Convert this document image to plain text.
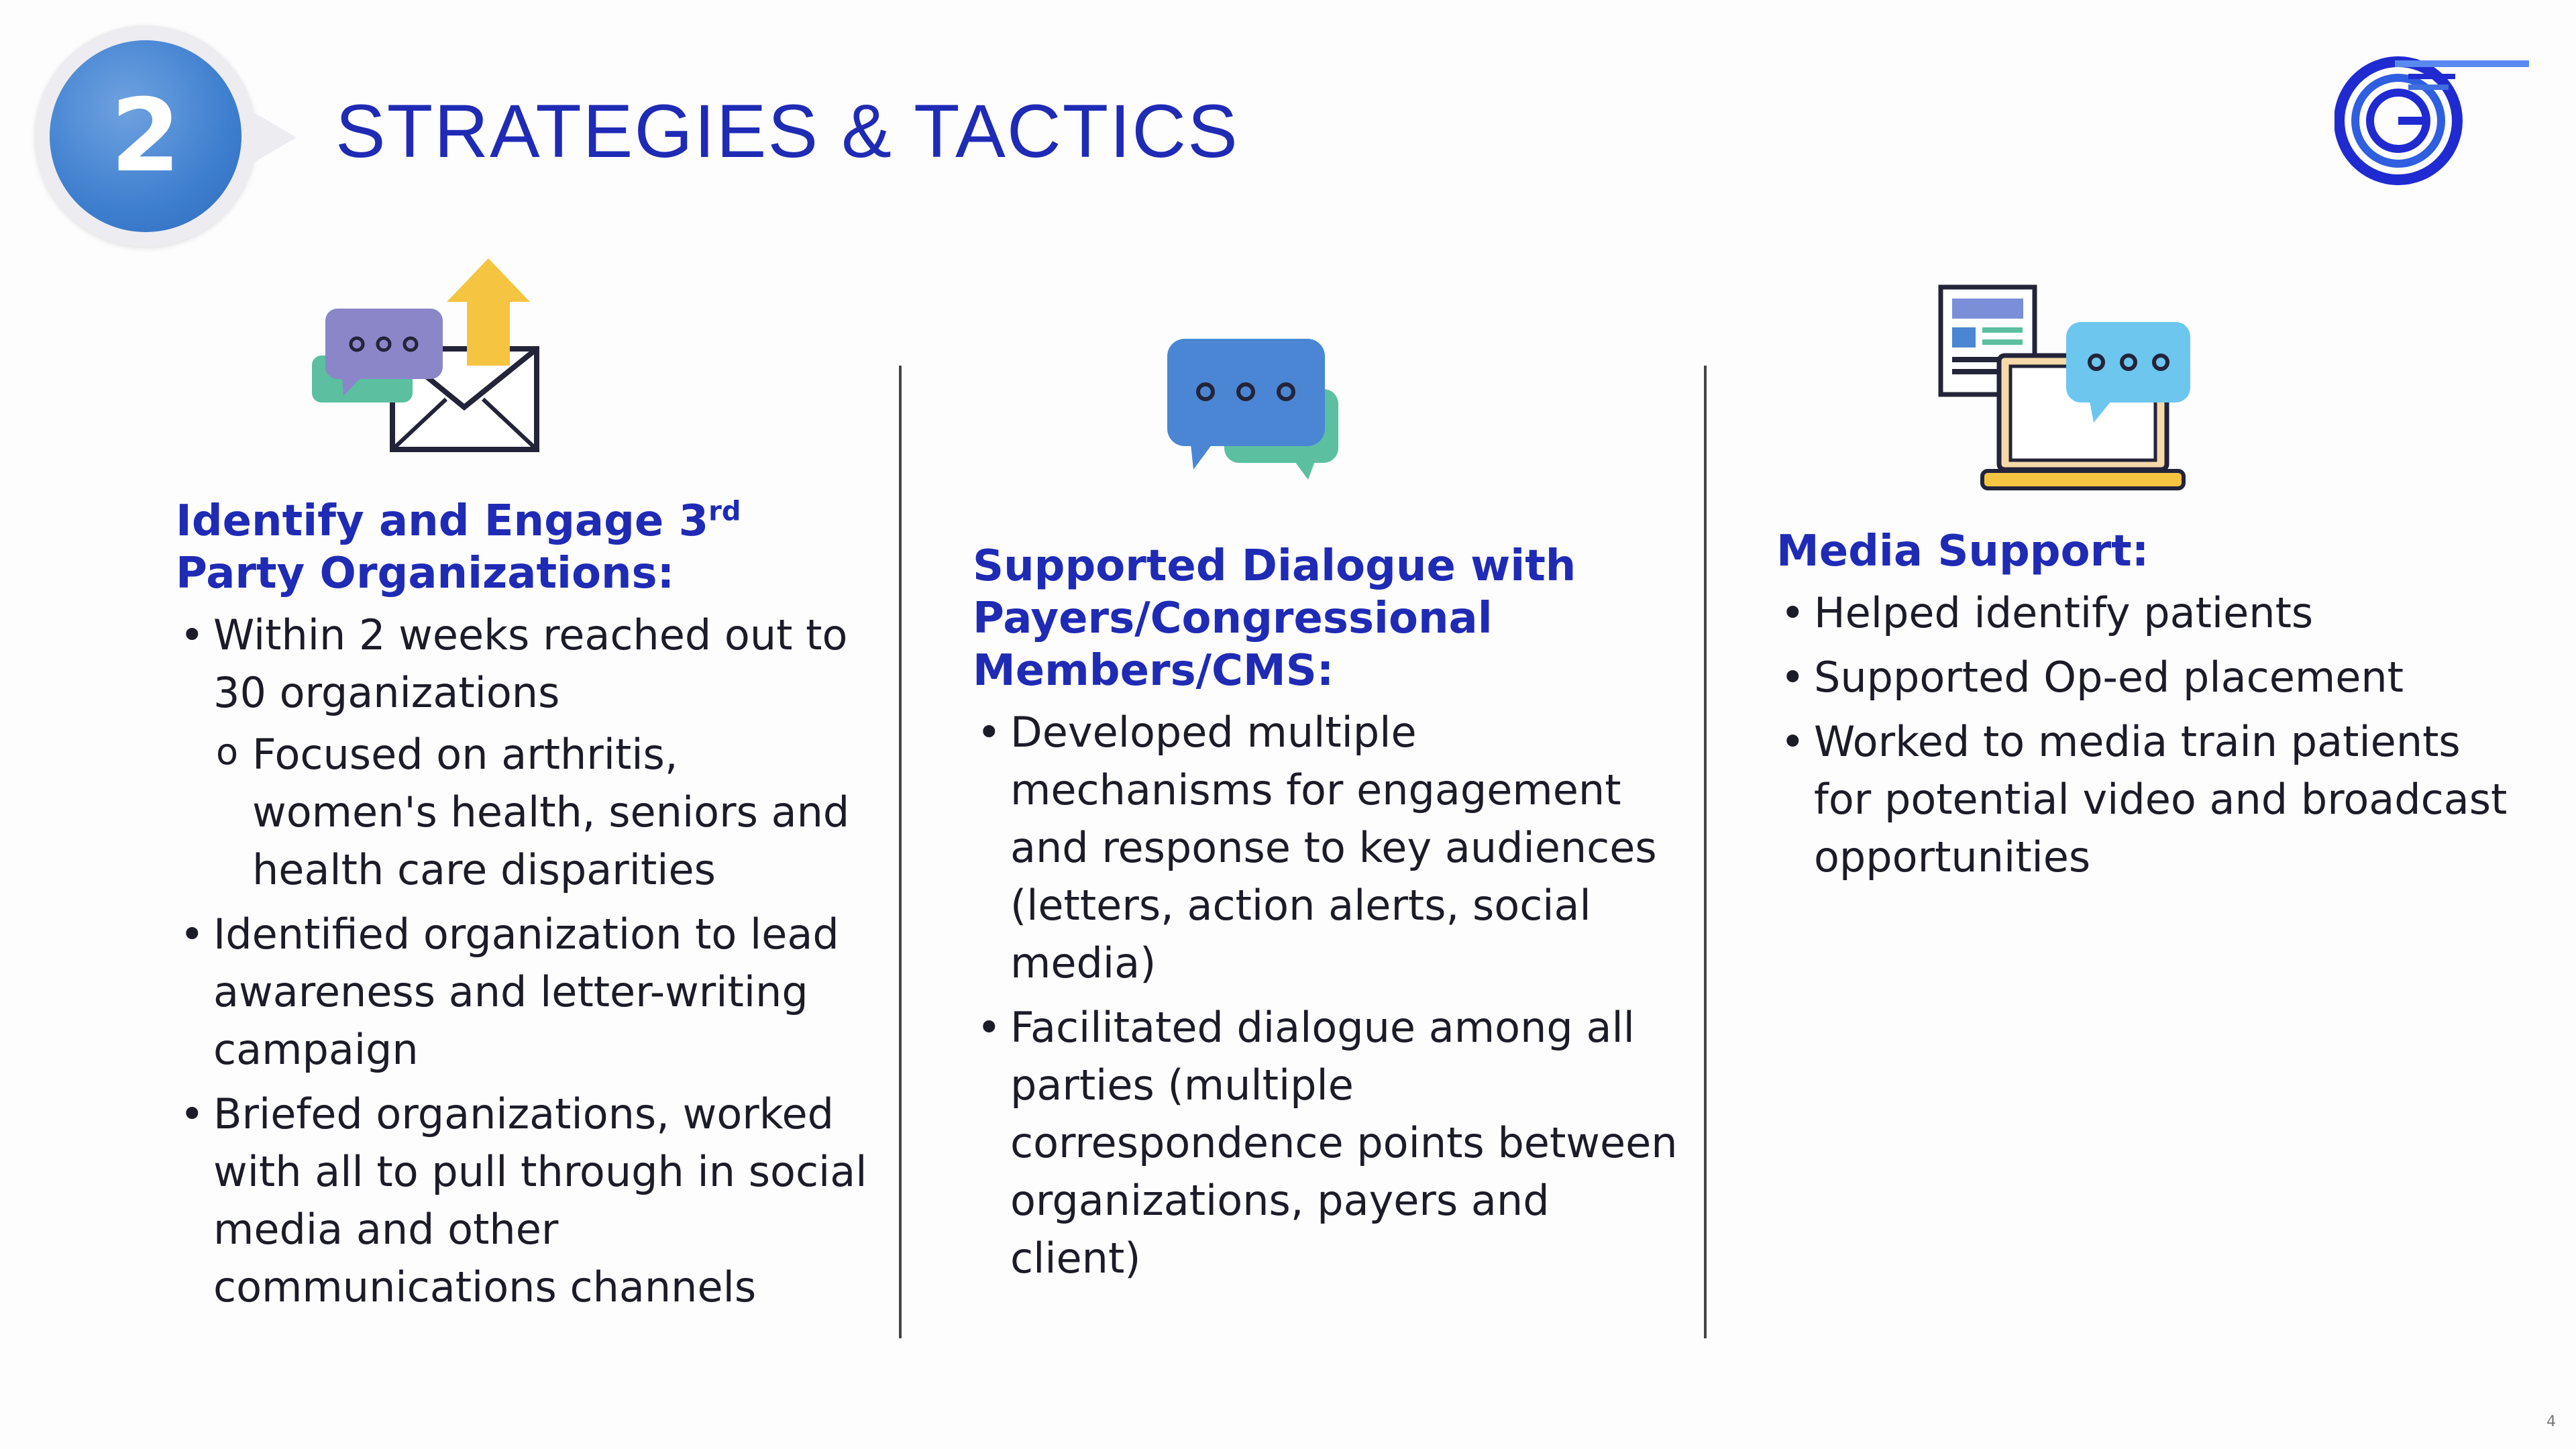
2	STRATEGIES & TACTICS
Identify and Engage 3rd
Party Organizations:
• Within 2 weeks reached out to 30 organizations
o Focused on arthritis, women's health, seniors and health care disparities
• Identified organization to lead awareness and letter-writing campaign
• Briefed organizations, worked with all to pull through in social media and other communications channels
Supported Dialogue with Payers/Congressional Members/CMS:
• Developed multiple mechanisms for engagement and response to key audiences (letters, action alerts, social media)
• Facilitated dialogue among all parties (multiple correspondence points between organizations, payers and client)
Media Support:
• Helped identify patients
• Supported Op-ed placement
• Worked to media train patients for potential video and broadcast opportunities
4
